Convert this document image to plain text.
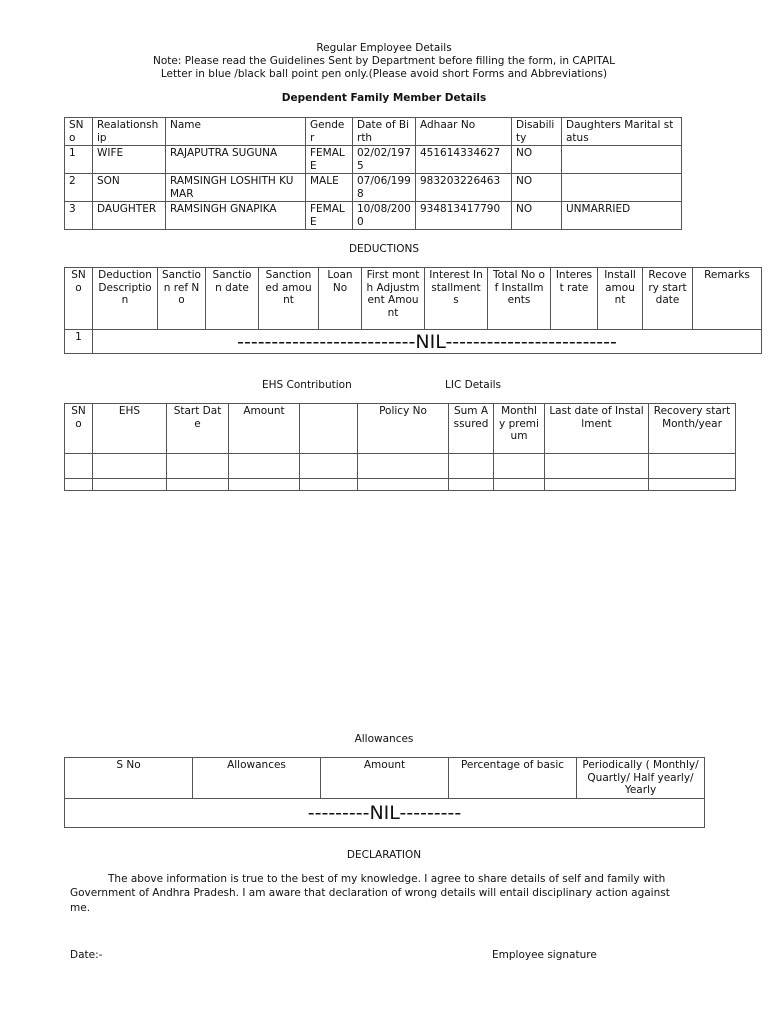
Regular Employee Details
Note: Please read the Guidelines Sent by Department before filling the form, in CAPITAL
Letter in blue /black ball point pen only.(Please avoid short Forms and Abbreviations)
Dependent Family Member Details
SNo	Realationship	Name	Gender	Date of Birth	Adhaar No	Disability	Daughters Marital status
1	WIFE	RAJAPUTRA SUGUNA	FEMALE	02/02/1975	451614334627	NO	
2	SON	RAMSINGH LOSHITH KUMAR	MALE	07/06/1998	983203226463	NO	
3	DAUGHTER	RAMSINGH GNAPIKA	FEMALE	10/08/2000	934813417790	NO	UNMARRIED
DEDUCTIONS
SNo	Deduction Description	Sanction ref No	Sanction date	Sanctioned amount	Loan No	First month Adjustment Amount	Interest Installments	Total No of Installments	Interest rate	Install amount	Recovery start date	Remarks
1	--------------------------NIL-------------------------											
EHS Contribution	LIC Details
SNo	EHS	Start Date	Amount		Policy No	Sum Assured	Monthly premium	Last date of Installment	Recovery start Month/year

Allowances
S No	Allowances	Amount	Percentage of basic	Periodically ( Monthly/ Quartly/ Half yearly/ Yearly
---------NIL---------
DECLARATION
The above information is true to the best of my knowledge. I agree to share details of self and family with
Government of Andhra Pradesh. I am aware that declaration of wrong details will entail disciplinary action against
me.
Date:-	Employee signature
